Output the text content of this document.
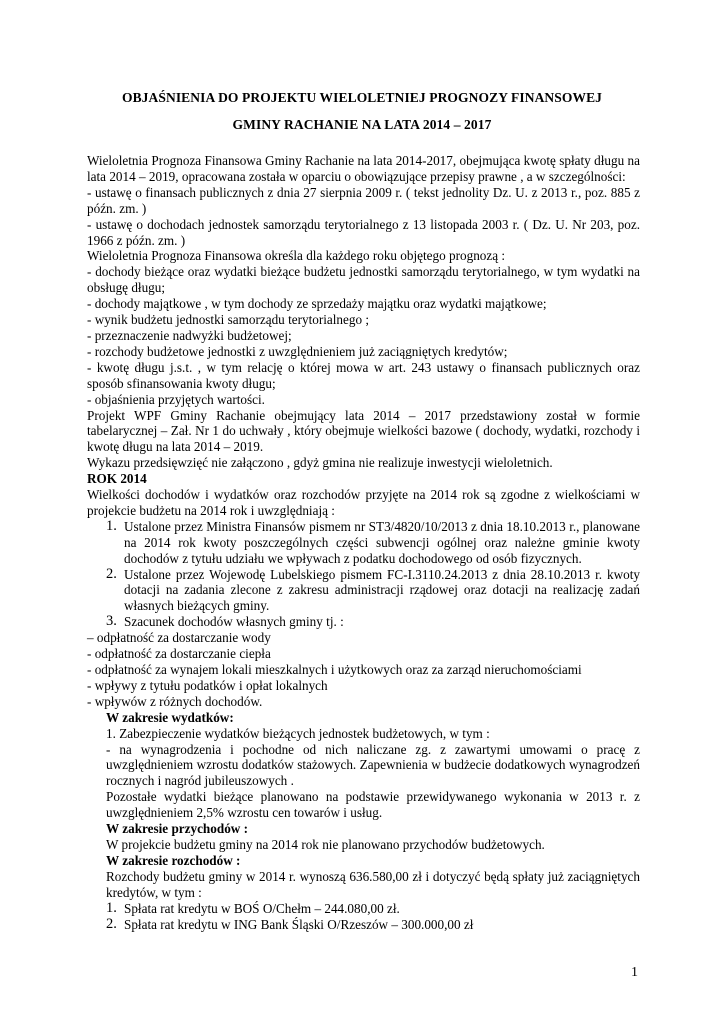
OBJAŚNIENIA DO PROJEKTU WIELOLETNIEJ PROGNOZY FINANSOWEJ
GMINY RACHANIE NA LATA 2014 – 2017

Wieloletnia Prognoza Finansowa Gminy Rachanie na lata 2014-2017, obejmująca kwotę spłaty długu na lata 2014 – 2019, opracowana została w oparciu o obowiązujące przepisy prawne , a w szczególności:

- ustawę o finansach publicznych z dnia 27 sierpnia 2009 r. ( tekst jednolity Dz. U. z 2013 r., poz. 885 z późn. zm. )

- ustawę o dochodach jednostek samorządu terytorialnego z 13 listopada 2003 r. ( Dz. U. Nr 203, poz. 1966 z późn. zm. )

Wieloletnia Prognoza Finansowa określa dla każdego roku objętego prognozą :

- dochody bieżące oraz wydatki bieżące budżetu jednostki samorządu terytorialnego, w tym wydatki na obsługę długu;

- dochody majątkowe , w tym dochody ze sprzedaży majątku oraz wydatki majątkowe;

- wynik budżetu jednostki samorządu terytorialnego ;

- przeznaczenie nadwyżki budżetowej;

- rozchody budżetowe jednostki z uwzględnieniem już zaciągniętych kredytów;

- kwotę długu j.s.t. , w tym relację o której mowa w art. 243 ustawy o finansach publicznych oraz sposób sfinansowania kwoty długu;

- objaśnienia przyjętych wartości.

Projekt WPF Gminy Rachanie obejmujący lata 2014 – 2017 przedstawiony został w formie tabelarycznej – Zał. Nr 1 do uchwały , który obejmuje wielkości bazowe ( dochody, wydatki, rozchody i kwotę długu na lata 2014 – 2019.

Wykazu przedsięwzięć nie załączono , gdyż gmina nie realizuje inwestycji wieloletnich.

ROK 2014

Wielkości dochodów i wydatków oraz rozchodów przyjęte na 2014 rok są zgodne z wielkościami w projekcie budżetu na 2014 rok i uwzględniają :

1. Ustalone przez Ministra Finansów pismem nr ST3/4820/10/2013 z dnia 18.10.2013 r., planowane na 2014 rok kwoty poszczególnych części subwencji ogólnej oraz należne gminie kwoty dochodów z tytułu udziału we wpływach z podatku dochodowego od osób fizycznych.
2. Ustalone przez Wojewodę Lubelskiego pismem FC-I.3110.24.2013 z dnia 28.10.2013 r. kwoty dotacji na zadania zlecone z zakresu administracji rządowej oraz dotacji na realizację zadań własnych bieżących gminy.
3. Szacunek dochodów własnych gminy tj. :

– odpłatność za dostarczanie wody

- odpłatność za dostarczanie ciepła

- odpłatność za wynajem lokali mieszkalnych i użytkowych oraz za zarząd nieruchomościami

- wpływy z tytułu podatków i opłat lokalnych

- wpływów z różnych dochodów.

W zakresie wydatków:

1. Zabezpieczenie wydatków bieżących jednostek budżetowych, w tym :

- na wynagrodzenia i pochodne od nich naliczane zg. z zawartymi umowami o pracę z uwzględnieniem wzrostu dodatków stażowych. Zapewnienia w budżecie dodatkowych wynagrodzeń rocznych i nagród jubileuszowych .

Pozostałe wydatki bieżące planowano na podstawie przewidywanego wykonania w 2013 r. z uwzględnieniem 2,5% wzrostu cen towarów i usług.

W zakresie przychodów :

W projekcie budżetu gminy na 2014 rok nie planowano przychodów budżetowych.

W zakresie rozchodów :

Rozchody budżetu gminy w 2014 r. wynoszą 636.580,00 zł i dotyczyć będą spłaty już zaciągniętych kredytów, w tym :

1. Spłata rat kredytu w BOŚ O/Chełm – 244.080,00 zł.
2. Spłata rat kredytu w ING Bank Śląski O/Rzeszów – 300.000,00 zł
1
